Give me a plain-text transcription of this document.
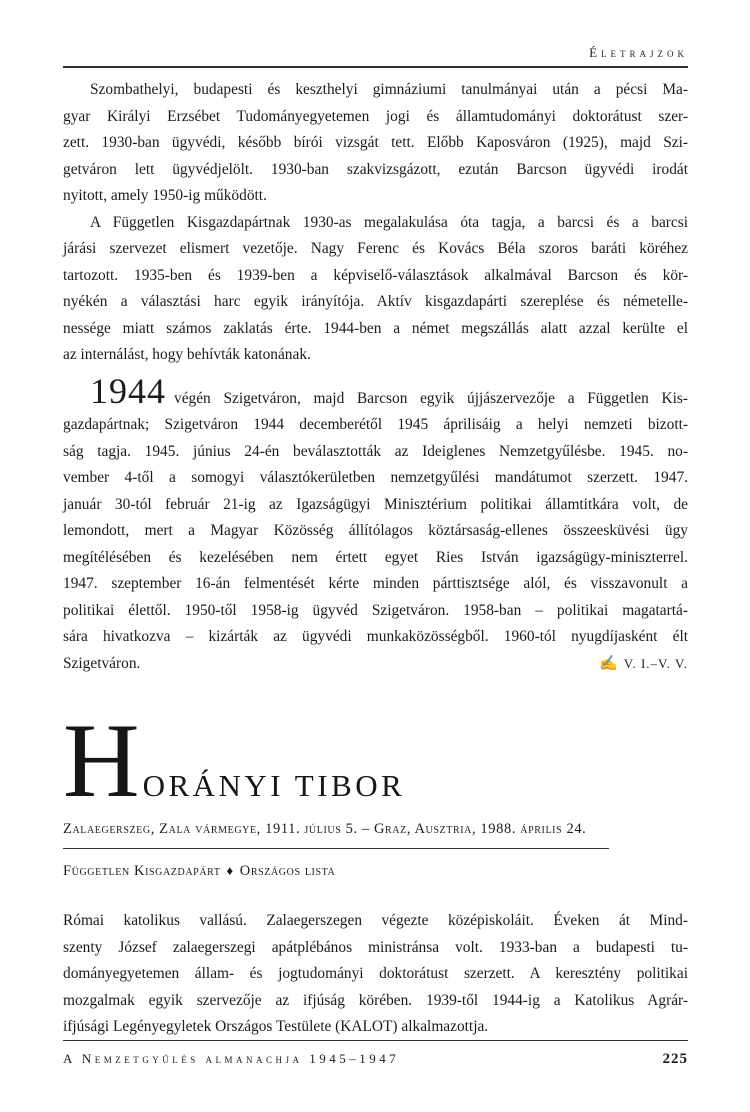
Életrajzok
Szombathelyi, budapesti és keszthelyi gimnáziumi tanulmányai után a pécsi Ma-
gyar Királyi Erzsébet Tudományegyetemen jogi és államtudományi doktorátust szer-
zett. 1930-ban ügyvédi, később bírói vizsgát tett. Előbb Kaposváron (1925), majd Szi-
getváron lett ügyvédjelölt. 1930-ban szakvizsgázott, ezután Barcson ügyvédi irodát
nyitott, amely 1950-ig működött.
A Független Kisgazdapártnak 1930-as megalakulása óta tagja, a barcsi és a barcsi
járási szervezet elismert vezetője. Nagy Ferenc és Kovács Béla szoros baráti köréhez
tartozott. 1935-ben és 1939-ben a képviselő-választások alkalmával Barcson és kör-
nyékén a választási harc egyik irányítója. Aktív kisgazdapárti szereplése és németelle-
nessége miatt számos zaklatás érte. 1944-ben a német megszállás alatt azzal kerülte el
az internálást, hogy behívták katonának.
1944 végén Szigetváron, majd Barcson egyik újjászervezője a Független Kis-
gazdapártnak; Szigetváron 1944 decemberétől 1945 áprilisáig a helyi nemzeti bizott-
ság tagja. 1945. június 24-én beválasztották az Ideiglenes Nemzetgyűlésbe. 1945. no-
vember 4-től a somogyi választókerületben nemzetgyűlési mandátumot szerzett. 1947.
január 30-tól február 21-ig az Igazságügyi Minisztérium politikai államtitkára volt, de
lemondott, mert a Magyar Közösség állítólagos köztársaság-ellenes összeesküvési ügy
megítélésében és kezelésében nem értett egyet Ries István igazságügy-miniszterrel.
1947. szeptember 16-án felmentését kérte minden párttisztsége alól, és visszavonult a
politikai élettől. 1950-től 1958-ig ügyvéd Szigetváron. 1958-ban – politikai magatartá-
sára hivatkozva – kizárták az ügyvédi munkaközösségből. 1960-tól nyugdíjasként élt
Szigetváron.	✍ V. I.–V. V.
HORÁNYI TIBOR
Zalaegerszeg, Zala vármegye, 1911. július 5. – Graz, Ausztria, 1988. április 24.
Független Kisgazdapárt ♦ Országos lista
Római katolikus vallású. Zalaegerszegen végezte középiskoláit. Éveken át Mind-
szenty József zalaegerszegi apátplébános ministránsa volt. 1933-ban a budapesti tu-
dományegyetemen állam- és jogtudományi doktorátust szerzett. A keresztény politikai
mozgalmak egyik szervezője az ifjúság körében. 1939-től 1944-ig a Katolikus Agrár-
ifjúsági Legényegyletek Országos Testülete (KALOT) alkalmazottja.
A Nemzetgyűlés almanachja 1945–1947	225
